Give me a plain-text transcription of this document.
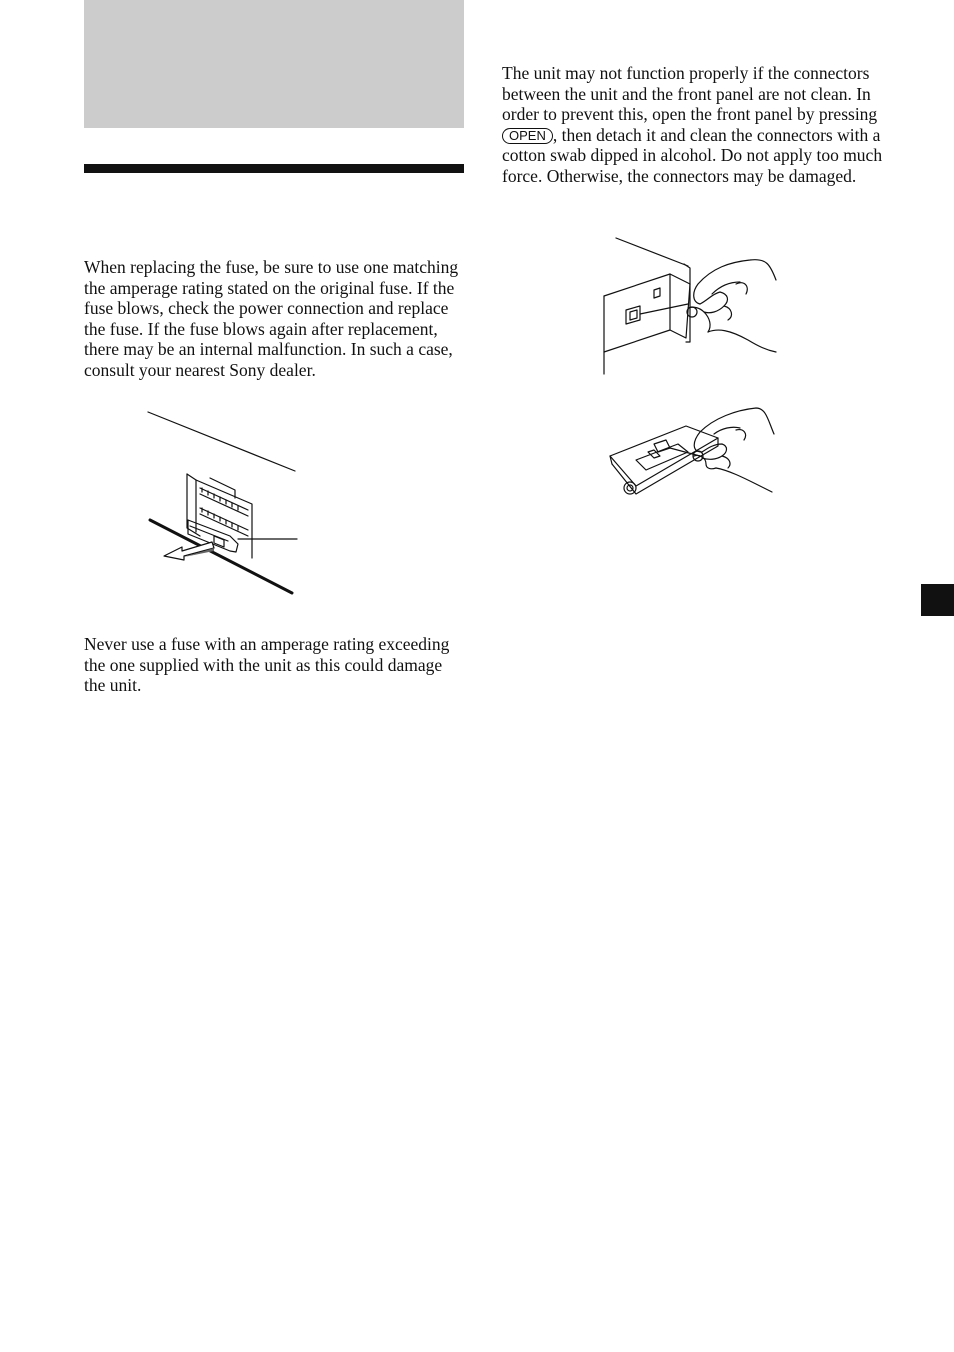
When replacing the fuse, be sure to use one matching the amperage rating stated on the original fuse. If the fuse blows, check the power connection and replace the fuse. If the fuse blows again after replacement, there may be an internal malfunction. In such a case, consult your nearest Sony dealer.

Never use a fuse with an amperage rating exceeding the one supplied with the unit as this could damage the unit.

The unit may not function properly if the connectors between the unit and the front panel are not clean. In order to prevent this, open the front panel by pressing OPEN , then detach it and clean the connectors with a cotton swab dipped in alcohol. Do not apply too much force. Otherwise, the connectors may be damaged.
